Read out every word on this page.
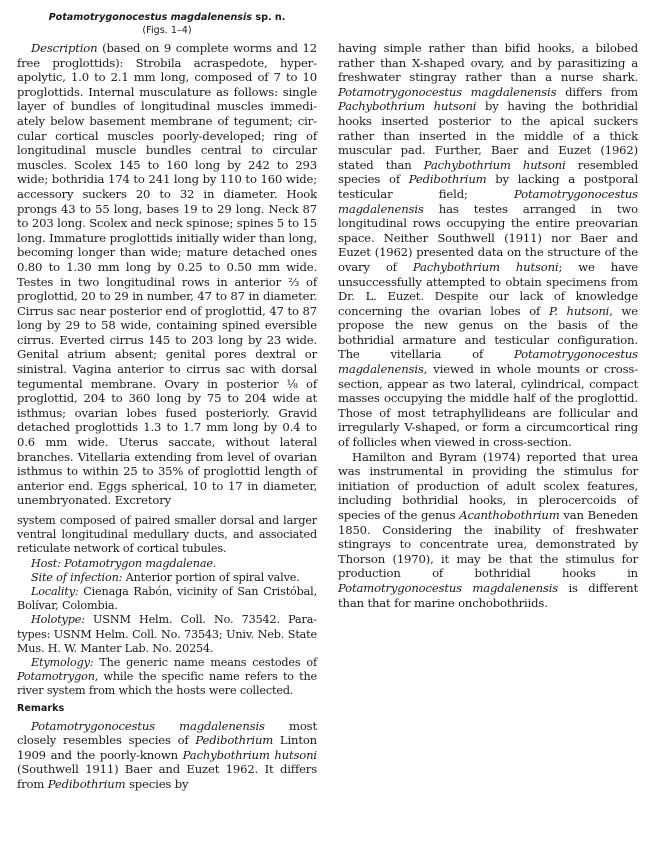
Potamotrygonocestus magdalenensis sp. n.
(Figs. 1–4)

Description (based on 9 complete worms and 12 free proglottids): Strobila acraspedote, hyperapolytic, 1.0 to 2.1 mm long, composed of 7 to 10 proglottids. Internal musculature as follows: single layer of bundles of longitudinal muscles immediately below basement membrane of tegument; circular cortical muscles poorly-developed; ring of longitudinal muscle bundles central to circular muscles. Scolex 145 to 160 long by 242 to 293 wide; bothridia 174 to 241 long by 110 to 160 wide; accessory suckers 20 to 32 in diameter. Hook prongs 43 to 55 long, bases 19 to 29 long. Neck 87 to 203 long. Scolex and neck spinose; spines 5 to 15 long. Immature proglottids initially wider than long, becoming longer than wide; mature detached ones 0.80 to 1.30 mm long by 0.25 to 0.50 mm wide. Testes in two longitudinal rows in anterior ⅔ of proglottid, 20 to 29 in number, 47 to 87 in diameter. Cirrus sac near posterior end of proglottid, 47 to 87 long by 29 to 58 wide, containing spined eversible cirrus. Everted cirrus 145 to 203 long by 23 wide. Genital atrium absent; genital pores dextral or sinistral. Vagina anterior to cirrus sac with dorsal tegumental membrane. Ovary in posterior ⅛ of proglottid, 204 to 360 long by 75 to 204 wide at isthmus; ovarian lobes fused posteriorly. Gravid detached proglottids 1.3 to 1.7 mm long by 0.4 to 0.6 mm wide. Uterus saccate, without lateral branches. Vitellaria extending from level of ovarian isthmus to within 25 to 35% of proglottid length of anterior end. Eggs spherical, 10 to 17 in diameter, unembryonated. Excretory

system composed of paired smaller dorsal and larger ventral longitudinal medullary ducts, and associated reticulate network of cortical tubules.

Host: Potamotrygon magdalenae.

Site of infection: Anterior portion of spiral valve.

Locality: Cienaga Rabón, vicinity of San Cristóbal, Bolívar, Colombia.

Holotype: USNM Helm. Coll. No. 73542. Paratypes: USNM Helm. Coll. No. 73543; Univ. Neb. State Mus. H. W. Manter Lab. No. 20254.

Etymology: The generic name means cestodes of Potamotrygon, while the specific name refers to the river system from which the hosts were collected.

Remarks

Potamotrygonocestus magdalenensis most closely resembles species of Pedibothrium Linton 1909 and the poorly-known Pachybothrium hutsoni (Southwell 1911) Baer and Euzet 1962. It differs from Pedibothrium species by

having simple rather than bifid hooks, a bilobed rather than X-shaped ovary, and by parasitizing a freshwater stingray rather than a nurse shark. Potamotrygonocestus magdalenensis differs from Pachybothrium hutsoni by having the bothridial hooks inserted posterior to the apical suckers rather than inserted in the middle of a thick muscular pad. Further, Baer and Euzet (1962) stated than Pachybothrium hutsoni resembled species of Pedibothrium by lacking a postporal testicular field; Potamotrygonocestus magdalenensis has testes arranged in two longitudinal rows occupying the entire preovarian space. Neither Southwell (1911) nor Baer and Euzet (1962) presented data on the structure of the ovary of Pachybothrium hutsoni; we have unsuccessfully attempted to obtain specimens from Dr. L. Euzet. Despite our lack of knowledge concerning the ovarian lobes of P. hutsoni, we propose the new genus on the basis of the bothridial armature and testicular configuration. The vitellaria of Potamotrygonocestus magdalenensis, viewed in whole mounts or cross-section, appear as two lateral, cylindrical, compact masses occupying the middle half of the proglottid. Those of most tetraphyllideans are follicular and irregularly V-shaped, or form a circumcortical ring of follicles when viewed in cross-section.

Hamilton and Byram (1974) reported that urea was instrumental in providing the stimulus for initiation of production of adult scolex features, including bothridial hooks, in plerocercoids of species of the genus Acanthobothrium van Beneden 1850. Considering the inability of freshwater stingrays to concentrate urea, demonstrated by Thorson (1970), it may be that the stimulus for production of bothridial hooks in Potamotrygonocestus magdalenensis is different than that for marine onchobothriids.
